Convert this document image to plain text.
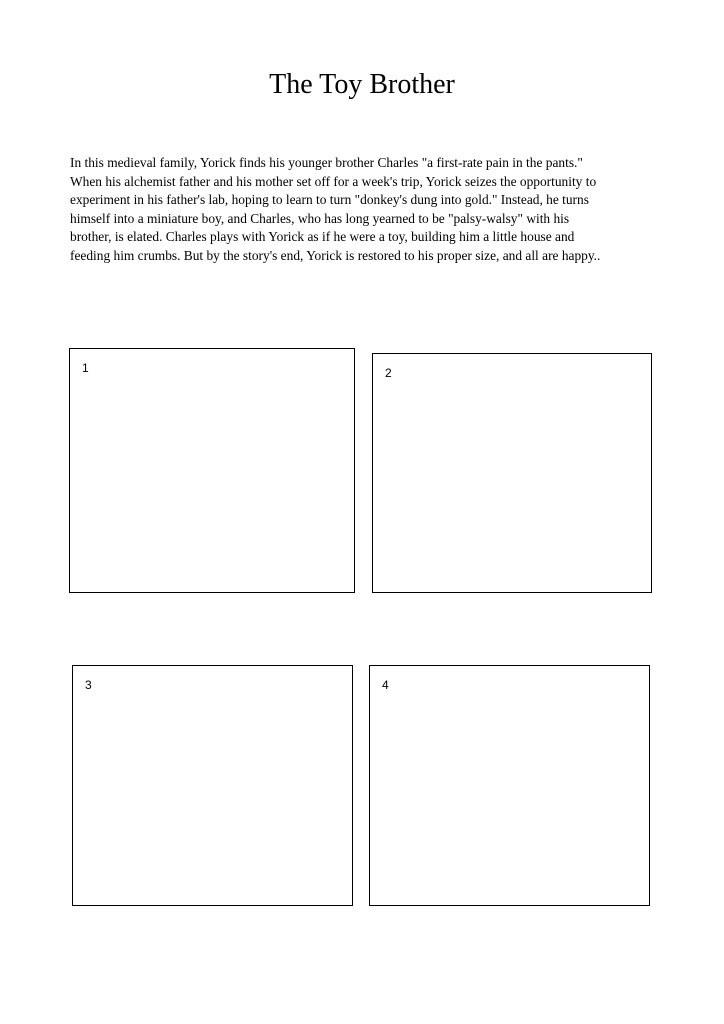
The Toy Brother

In this medieval family, Yorick finds his younger brother Charles "a first-rate pain in the pants."
When his alchemist father and his mother set off for a week's trip, Yorick seizes the opportunity to
experiment in his father's lab, hoping to learn to turn "donkey's dung into gold." Instead, he turns
himself into a miniature boy, and Charles, who has long yearned to be "palsy-walsy" with his
brother, is elated. Charles plays with Yorick as if he were a toy, building him a little house and
feeding him crumbs. But by the story's end, Yorick is restored to his proper size, and all are happy..

1	2
3	4
